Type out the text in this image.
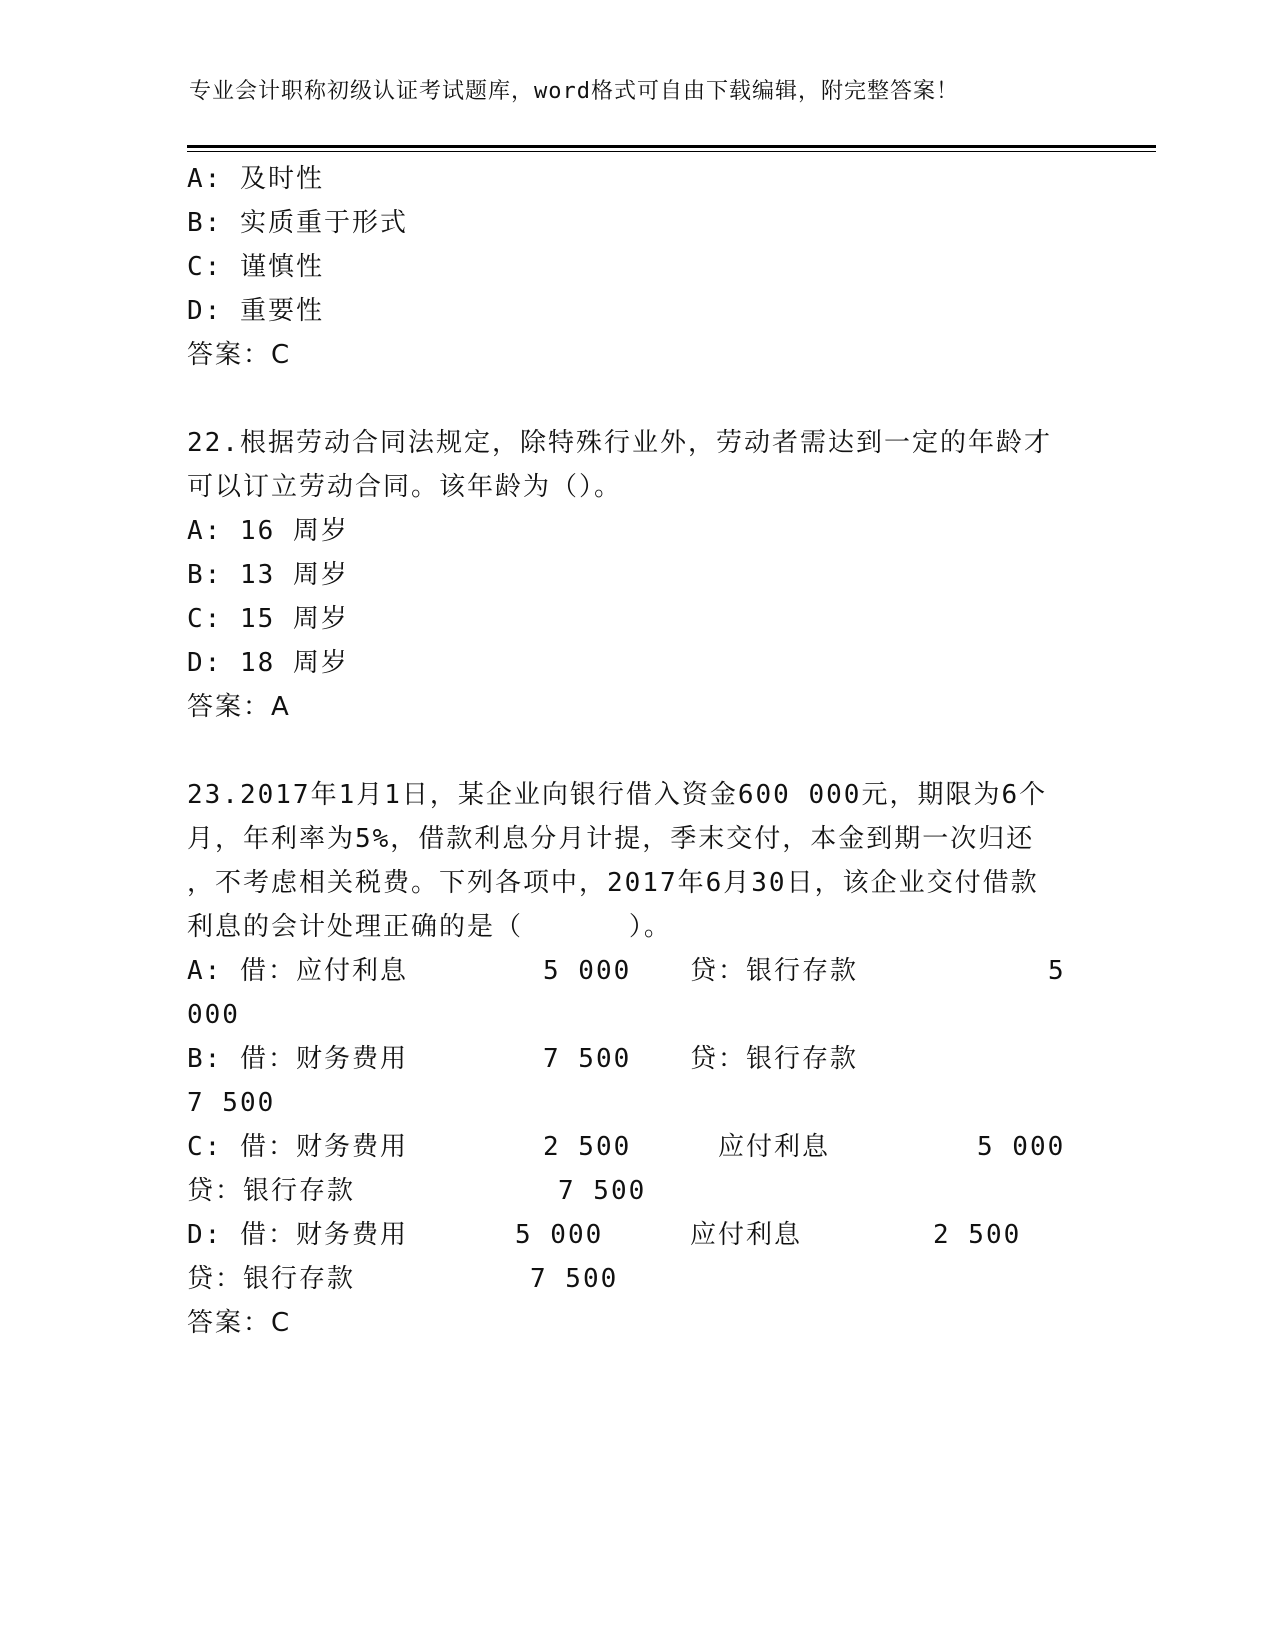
专业会计职称初级认证考试题库，word格式可自由下载编辑，附完整答案！
A: 及时性
B: 实质重于形式
C: 谨慎性
D: 重要性
答案：C
22.根据劳动合同法规定，除特殊行业外，劳动者需达到一定的年龄才
可以订立劳动合同。该年龄为（）。
A: 16 周岁
B: 13 周岁
C: 15 周岁
D: 18 周岁
答案：A
23.2017年1月1日，某企业向银行借入资金600 000元，期限为6个
月，年利率为5%，借款利息分月计提，季末交付，本金到期一次归还
，不考虑相关税费。下列各项中，2017年6月30日，该企业交付借款
利息的会计处理正确的是（      ）。
A: 借：应付利息	5 000 贷：银行存款	5
000
B: 借：财务费用	7 500 贷：银行存款
7 500
C: 借：财务费用	2 500	应付利息	5 000
贷：银行存款	7 500
D: 借：财务费用	5 000	应付利息	2 500
贷：银行存款	7 500
答案：C
